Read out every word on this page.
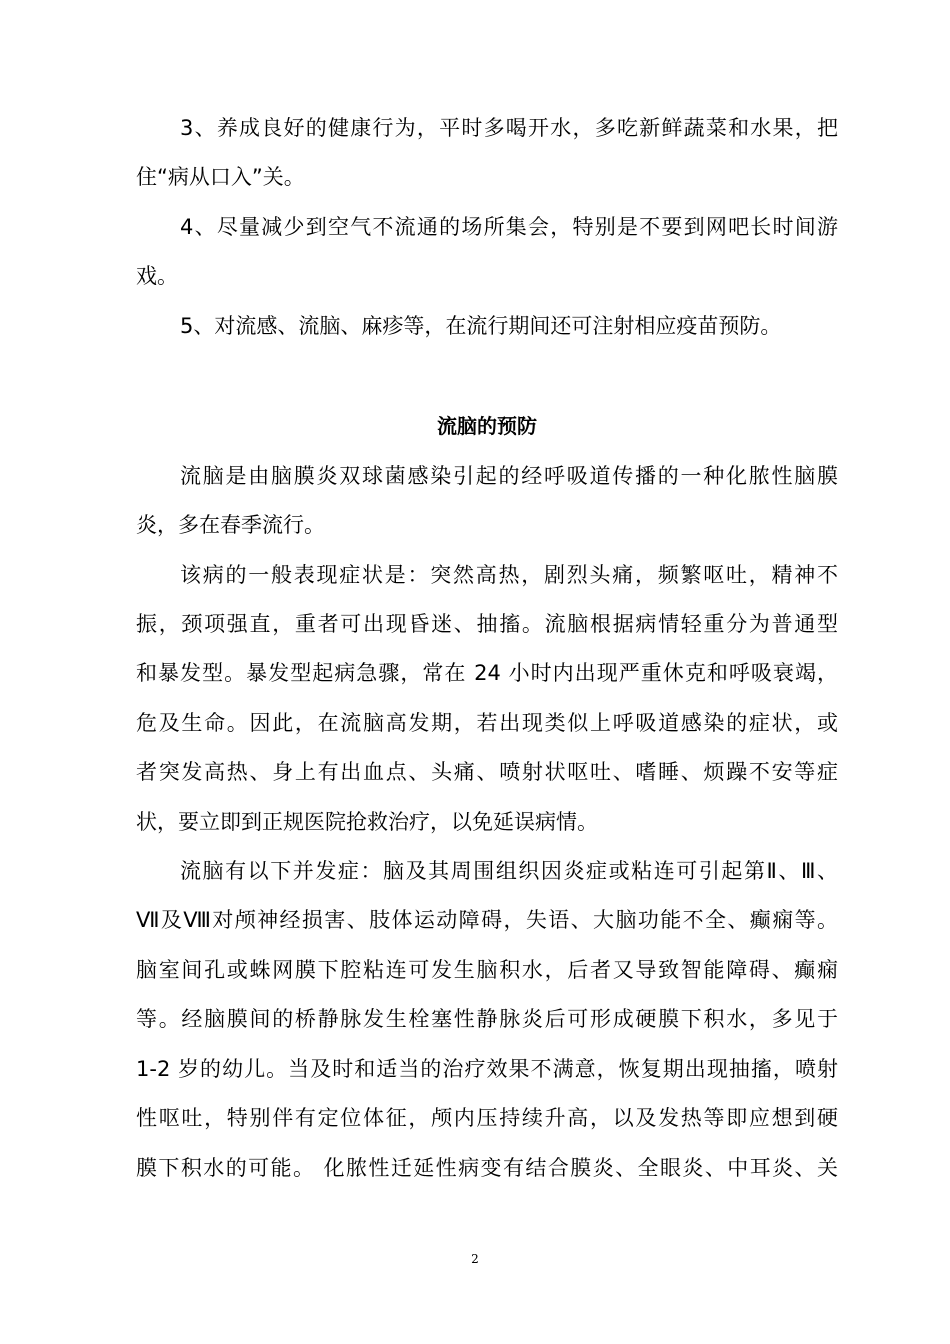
3、养成良好的健康行为，平时多喝开水，多吃新鲜蔬菜和水果，把
住“病从口入”关。
4、尽量减少到空气不流通的场所集会，特别是不要到网吧长时间游
戏。
5、对流感、流脑、麻疹等，在流行期间还可注射相应疫苗预防。
流脑的预防
流脑是由脑膜炎双球菌感染引起的经呼吸道传播的一种化脓性脑膜
炎，多在春季流行。
该病的一般表现症状是：突然高热，剧烈头痛，频繁呕吐，精神不
振，颈项强直，重者可出现昏迷、抽搐。流脑根据病情轻重分为普通型
和暴发型。暴发型起病急骤，常在 24 小时内出现严重休克和呼吸衰竭，
危及生命。因此，在流脑高发期，若出现类似上呼吸道感染的症状，或
者突发高热、身上有出血点、头痛、喷射状呕吐、嗜睡、烦躁不安等症
状，要立即到正规医院抢救治疗，以免延误病情。
流脑有以下并发症：脑及其周围组织因炎症或粘连可引起第Ⅱ、Ⅲ、
Ⅶ及Ⅷ对颅神经损害、肢体运动障碍，失语、大脑功能不全、癫痫等。
脑室间孔或蛛网膜下腔粘连可发生脑积水，后者又导致智能障碍、癫痫
等。经脑膜间的桥静脉发生栓塞性静脉炎后可形成硬膜下积水，多见于
1-2 岁的幼儿。当及时和适当的治疗效果不满意，恢复期出现抽搐，喷射
性呕吐，特别伴有定位体征，颅内压持续升高，以及发热等即应想到硬
膜下积水的可能。 化脓性迁延性病变有结合膜炎、全眼炎、中耳炎、关
2
